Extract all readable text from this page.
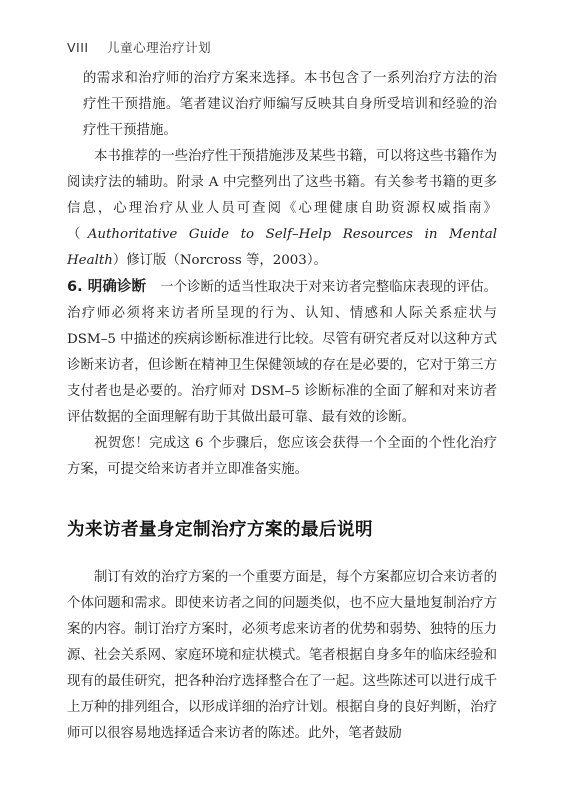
VIII 儿童心理治疗计划

的需求和治疗师的治疗方案来选择。本书包含了一系列治疗方法的治疗性干预措施。笔者建议治疗师编写反映其自身所受培训和经验的治疗性干预措施。

本书推荐的一些治疗性干预措施涉及某些书籍，可以将这些书籍作为阅读疗法的辅助。附录 A 中完整列出了这些书籍。有关参考书籍的更多信息，心理治疗从业人员可查阅《心理健康自助资源权威指南》（Authoritative Guide to Self–Help Resources in Mental Health）修订版（Norcross 等，2003）。

6. 明确诊断 一个诊断的适当性取决于对来访者完整临床表现的评估。治疗师必须将来访者所呈现的行为、认知、情感和人际关系症状与 DSM–5 中描述的疾病诊断标准进行比较。尽管有研究者反对以这种方式诊断来访者，但诊断在精神卫生保健领域的存在是必要的，它对于第三方支付者也是必要的。治疗师对 DSM–5 诊断标准的全面了解和对来访者评估数据的全面理解有助于其做出最可靠、最有效的诊断。

祝贺您！完成这 6 个步骤后，您应该会获得一个全面的个性化治疗方案，可提交给来访者并立即准备实施。

为来访者量身定制治疗方案的最后说明

制订有效的治疗方案的一个重要方面是，每个方案都应切合来访者的个体问题和需求。即使来访者之间的问题类似，也不应大量地复制治疗方案的内容。制订治疗方案时，必须考虑来访者的优势和弱势、独特的压力源、社会关系网、家庭环境和症状模式。笔者根据自身多年的临床经验和现有的最佳研究，把各种治疗选择整合在了一起。这些陈述可以进行成千上万种的排列组合，以形成详细的治疗计划。根据自身的良好判断，治疗师可以很容易地选择适合来访者的陈述。此外，笔者鼓励
